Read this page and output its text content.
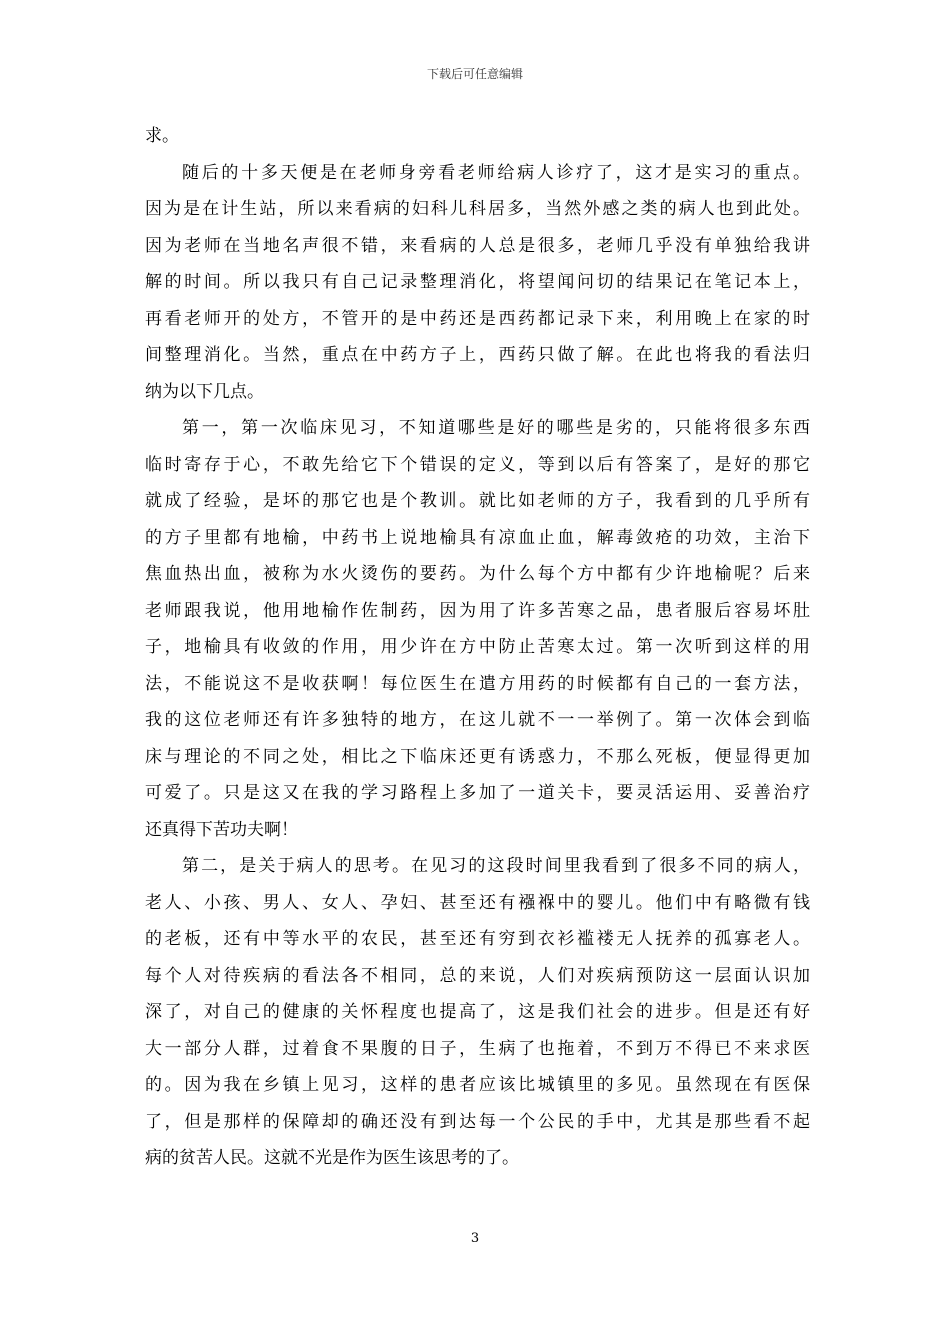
下载后可任意编辑
求。
随后的十多天便是在老师身旁看老师给病人诊疗了，这才是实习的重点。
因为是在计生站，所以来看病的妇科儿科居多，当然外感之类的病人也到此处。
因为老师在当地名声很不错，来看病的人总是很多，老师几乎没有单独给我讲
解的时间。所以我只有自己记录整理消化，将望闻问切的结果记在笔记本上，
再看老师开的处方，不管开的是中药还是西药都记录下来，利用晚上在家的时
间整理消化。当然，重点在中药方子上，西药只做了解。在此也将我的看法归
纳为以下几点。
第一，第一次临床见习，不知道哪些是好的哪些是劣的，只能将很多东西
临时寄存于心，不敢先给它下个错误的定义，等到以后有答案了，是好的那它
就成了经验，是坏的那它也是个教训。就比如老师的方子，我看到的几乎所有
的方子里都有地榆，中药书上说地榆具有凉血止血，解毒敛疮的功效，主治下
焦血热出血，被称为水火烫伤的要药。为什么每个方中都有少许地榆呢？后来
老师跟我说，他用地榆作佐制药，因为用了许多苦寒之品，患者服后容易坏肚
子，地榆具有收敛的作用，用少许在方中防止苦寒太过。第一次听到这样的用
法，不能说这不是收获啊！每位医生在遣方用药的时候都有自己的一套方法，
我的这位老师还有许多独特的地方，在这儿就不一一举例了。第一次体会到临
床与理论的不同之处，相比之下临床还更有诱惑力，不那么死板，便显得更加
可爱了。只是这又在我的学习路程上多加了一道关卡，要灵活运用、妥善治疗
还真得下苦功夫啊！
第二，是关于病人的思考。在见习的这段时间里我看到了很多不同的病人，
老人、小孩、男人、女人、孕妇、甚至还有襁褓中的婴儿。他们中有略微有钱
的老板，还有中等水平的农民，甚至还有穷到衣衫褴褛无人抚养的孤寡老人。
每个人对待疾病的看法各不相同，总的来说，人们对疾病预防这一层面认识加
深了，对自己的健康的关怀程度也提高了，这是我们社会的进步。但是还有好
大一部分人群，过着食不果腹的日子，生病了也拖着，不到万不得已不来求医
的。因为我在乡镇上见习，这样的患者应该比城镇里的多见。虽然现在有医保
了，但是那样的保障却的确还没有到达每一个公民的手中，尤其是那些看不起
病的贫苦人民。这就不光是作为医生该思考的了。
3
